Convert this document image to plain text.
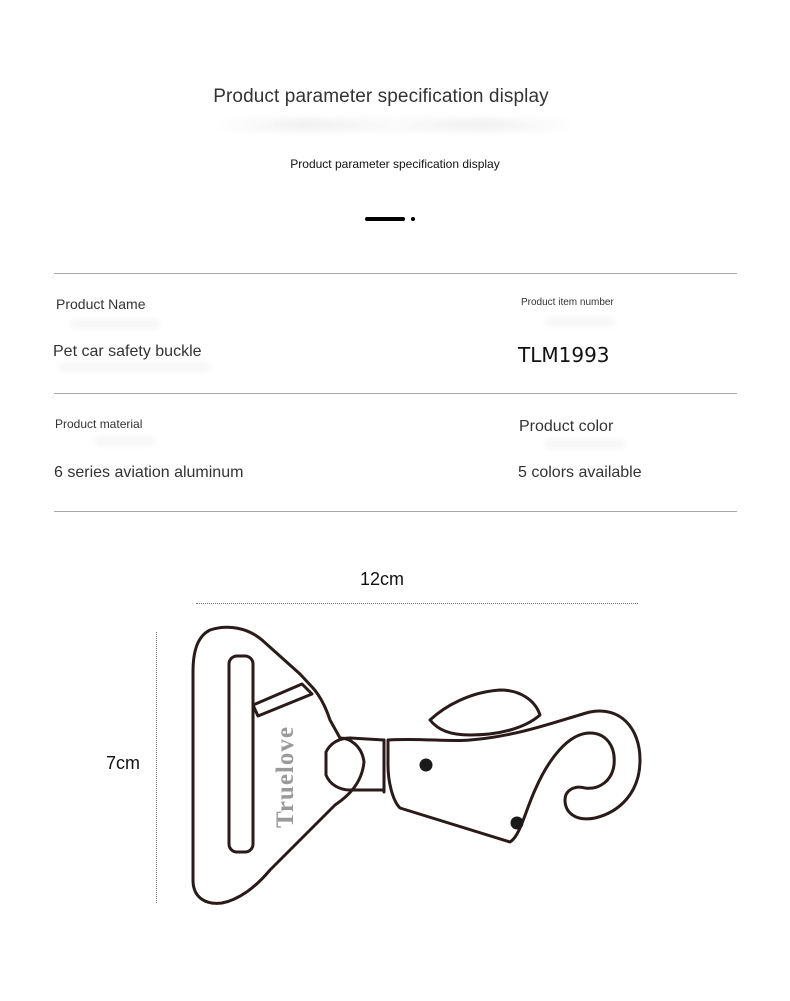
Product parameter specification display
Product parameter specification display
Product Name
Pet car safety buckle
Product item number
TLM1993
Product material
6 series aviation aluminum
Product color
5 colors available
12cm
7cm	Truelove
